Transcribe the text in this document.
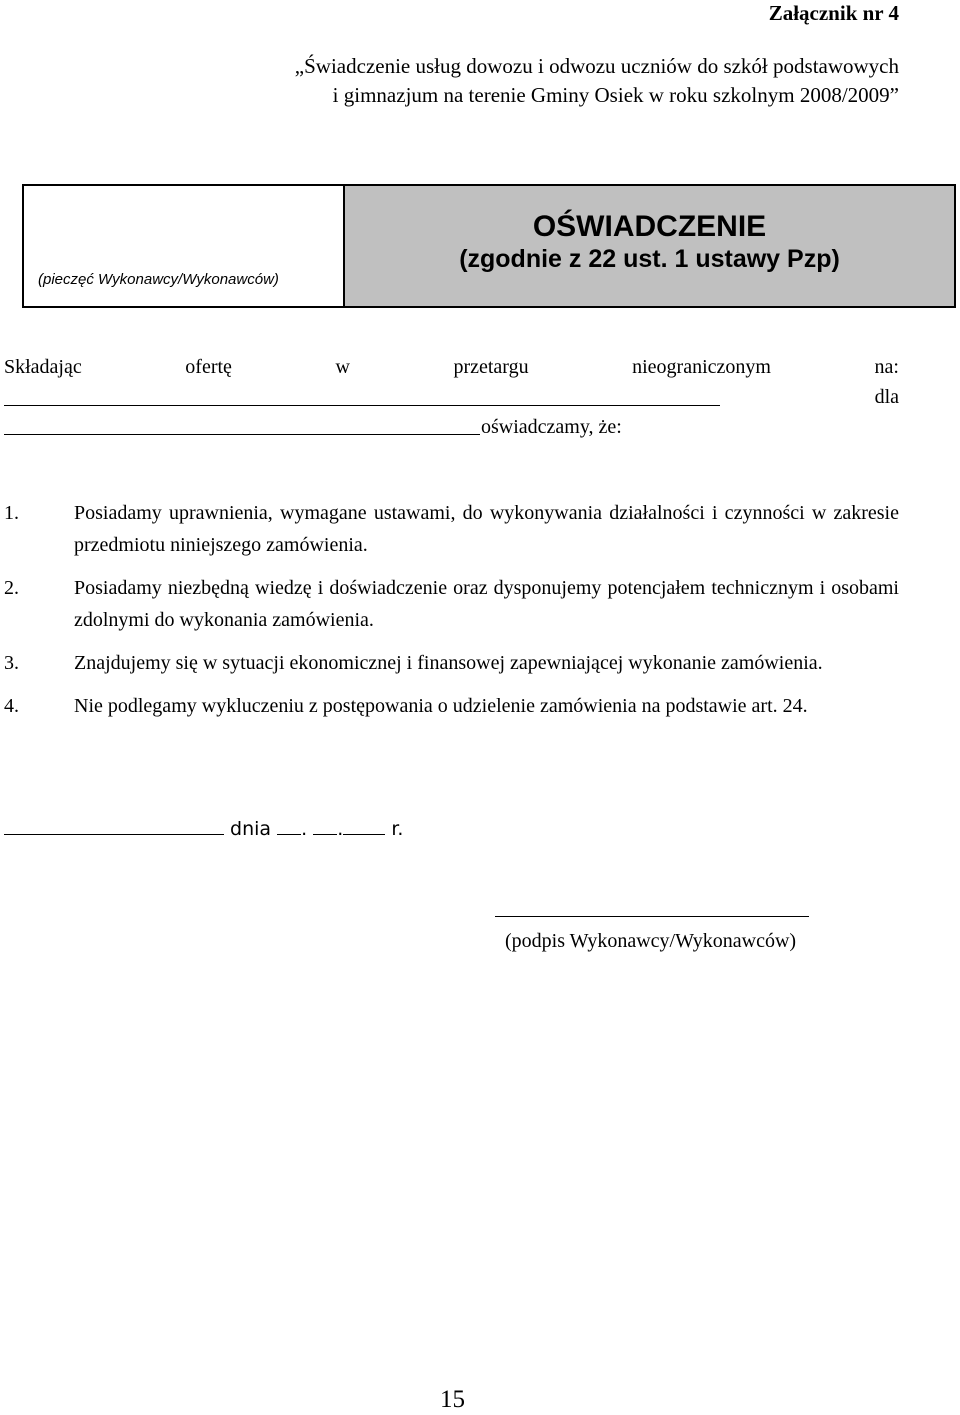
Załącznik nr 4
„Świadczenie usług dowozu i odwozu uczniów do szkół podstawowych
i gimnazjum na terenie Gminy Osiek w roku szkolnym 2008/2009”
(pieczęć Wykonawcy/Wykonawców)
OŚWIADCZENIE
(zgodnie z 22 ust. 1 ustawy Pzp)
Składając	ofertę	w	przetargu	nieograniczonym	na:
dla
oświadczamy, że:
1.	Posiadamy uprawnienia, wymagane ustawami, do wykonywania działalności i czynności w zakresie przedmiotu niniejszego zamówienia.
2.	Posiadamy niezbędną wiedzę i doświadczenie oraz dysponujemy potencjałem technicznym i osobami zdolnymi do wykonania zamówienia.
3.	Znajdujemy się w sytuacji ekonomicznej i finansowej zapewniającej wykonanie zamówienia.
4.	Nie podlegamy wykluczeniu z postępowania o udzielenie zamówienia na podstawie art. 24.
dnia . .	r.
(podpis Wykonawcy/Wykonawców)
15
